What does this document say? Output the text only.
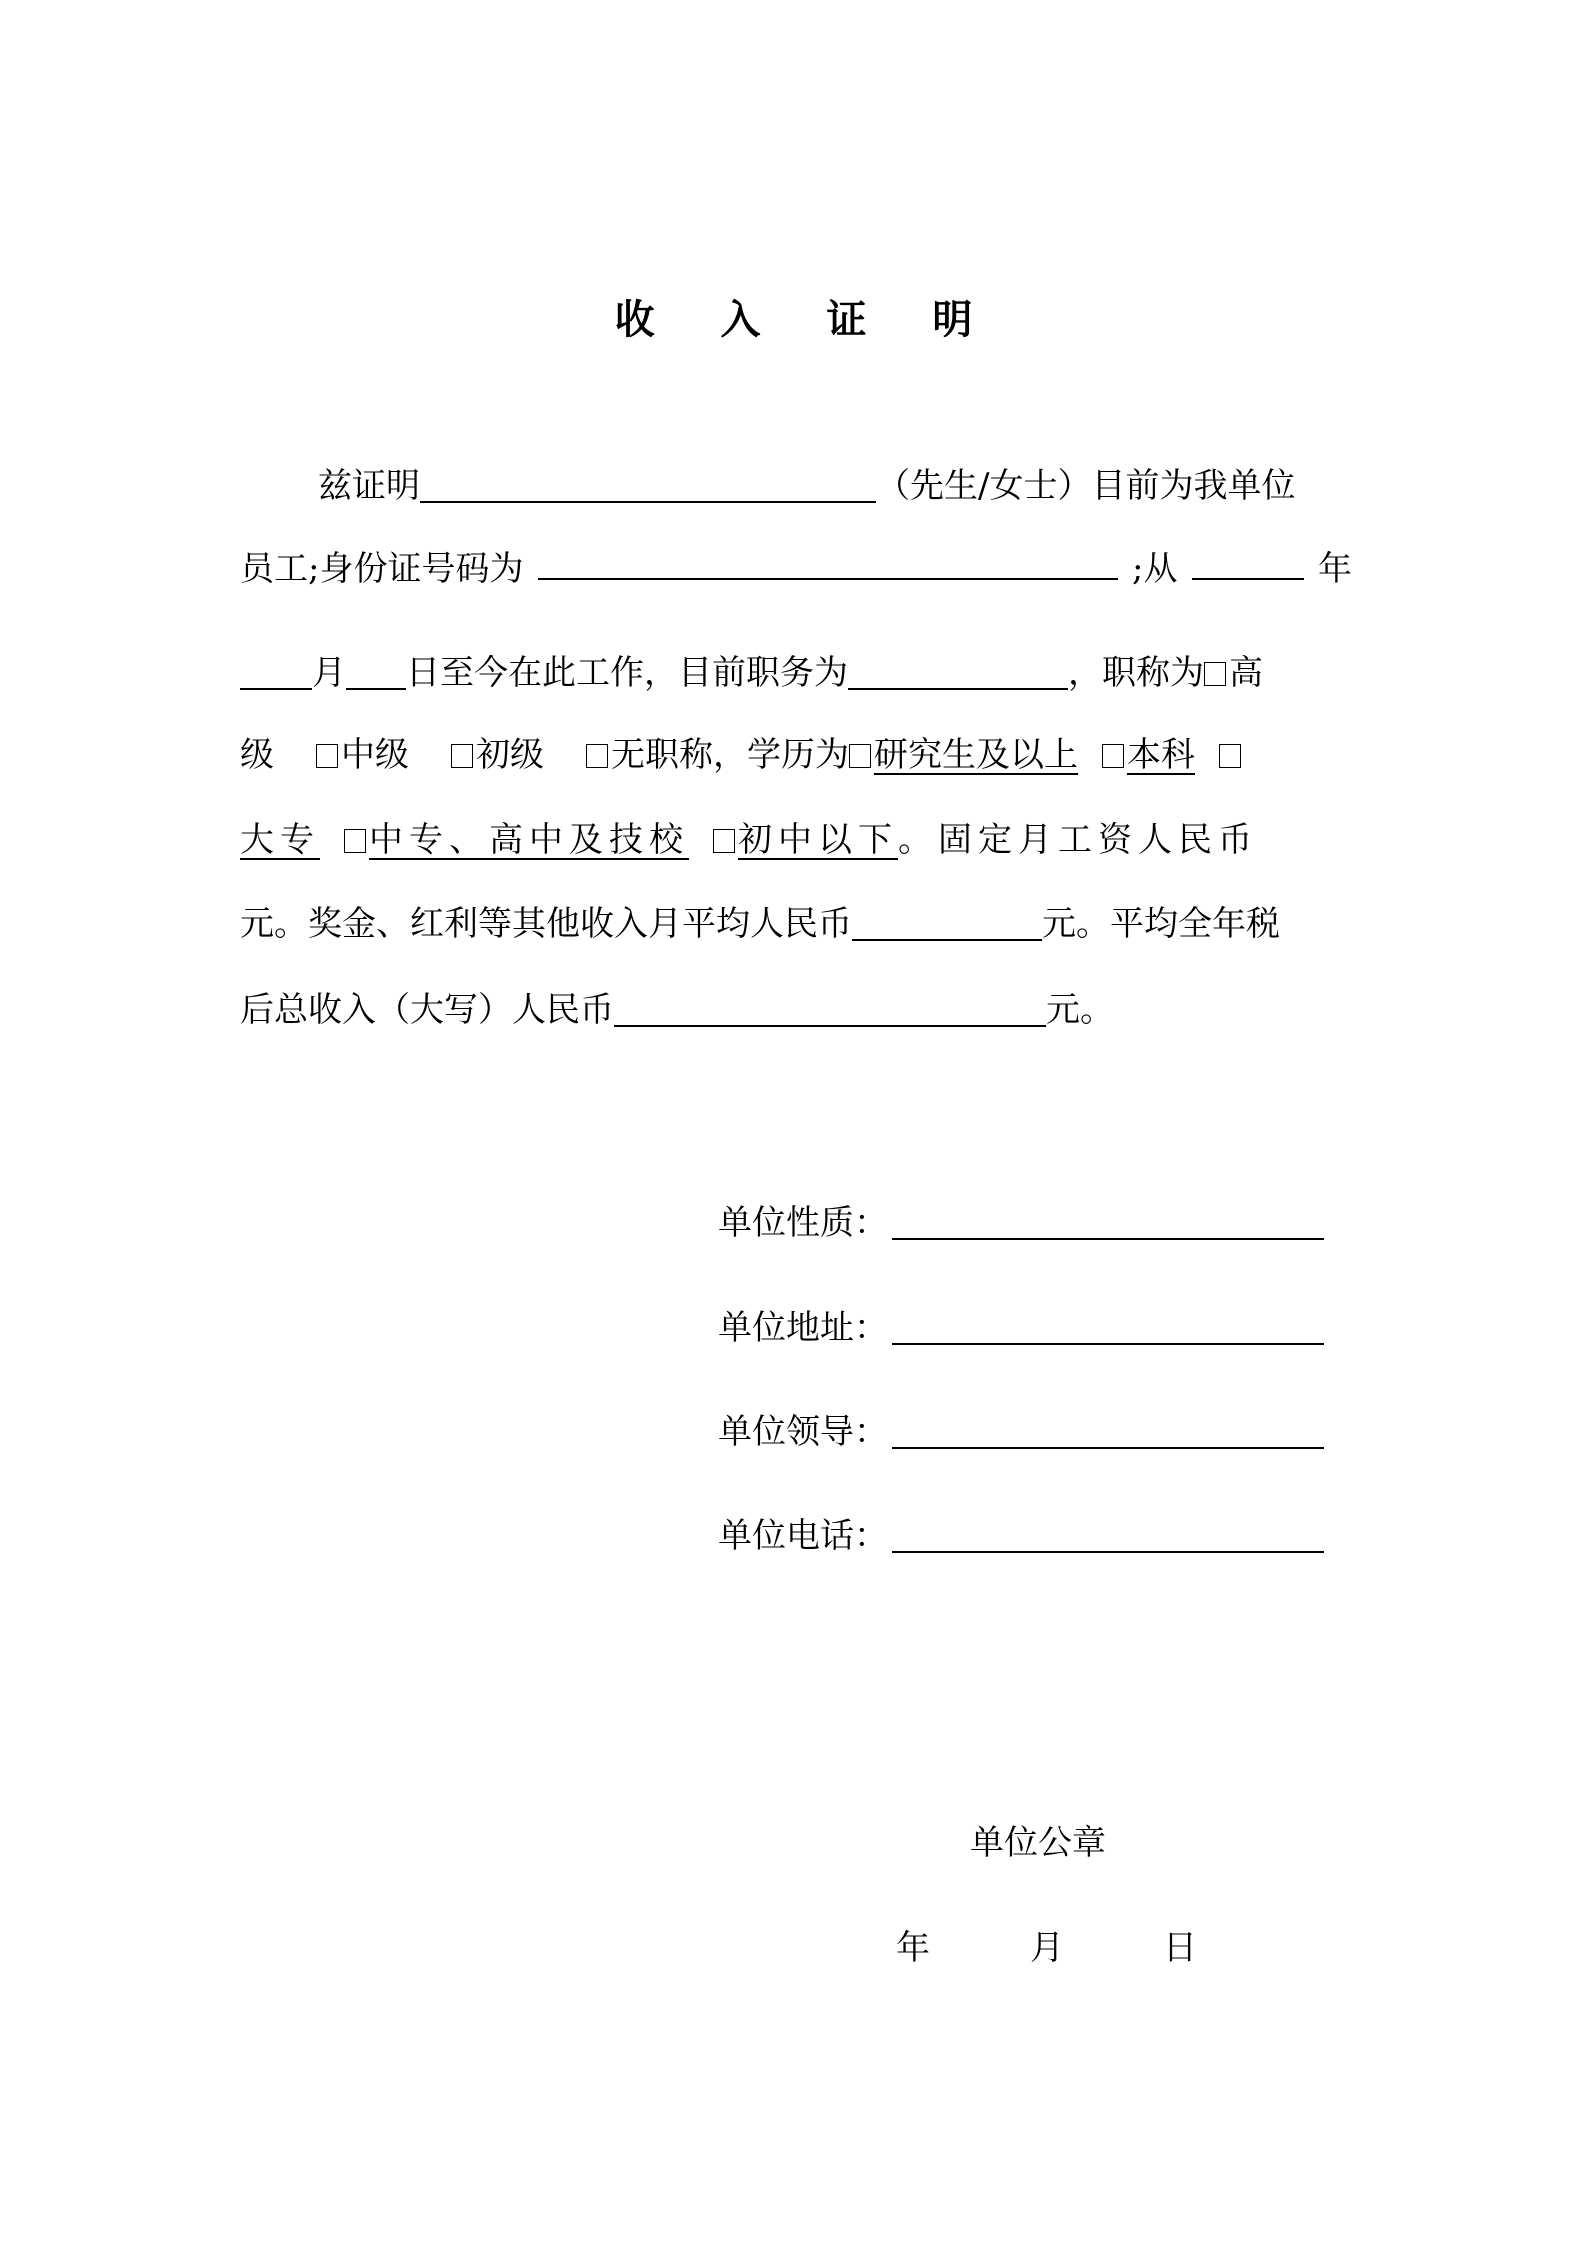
收 入 证 明
兹证明	（先生/女士）目前为我单位
员工;身份证号码为	;从	年
月 日至今在此工作，目前职务为	，职称为 高
级 中级 初级 无职称，学历为 研究生及以上 本科
大专 中专、高中及技校 初中以下。固定月工资人民币
元。奖金、红利等其他收入月平均人民币	元。平均全年税
后总收入（大写）人民币	元。
单位性质：
单位地址：
单位领导：
单位电话：
单位公章
年	月	日
